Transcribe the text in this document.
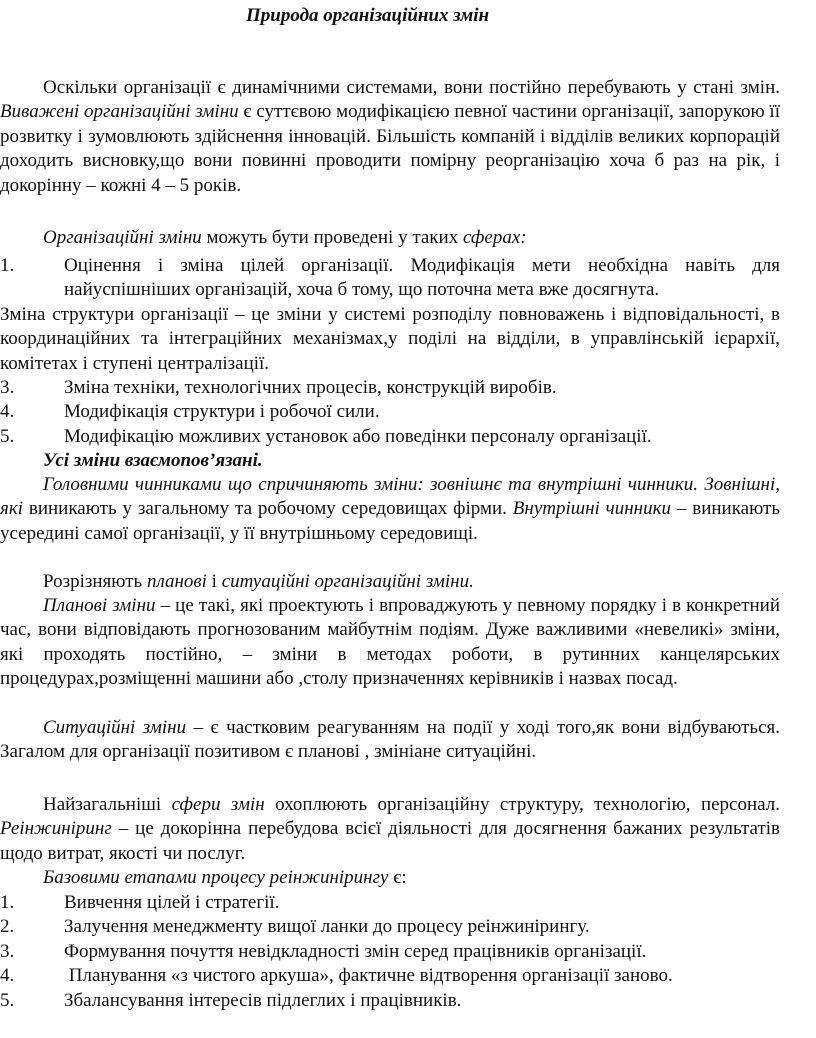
Природа організаційних змін
Оскільки організації є динамічними системами, вони постійно перебувають у стані змін. Виважені організаційні зміни є суттєвою модифікацією певної частини організації, запорукою її розвитку і зумовлюють здійснення інновацій. Більшість компаній і відділів великих корпорацій доходить висновку,що вони повинні проводити помірну реорганізацію хоча б раз на рік, і докорінну – кожні 4 – 5 років.
Організаційні зміни можуть бути проведені у таких сферах:
1.	Оцінення і зміна цілей організації. Модифікація мети необхідна навіть для найуспішніших організацій, хоча б тому, що поточна мета вже досягнута.
Зміна структури організації – це зміни у системі розподілу повноважень і відповідальності, в координаційних та інтеграційних механізмах,у поділі на відділи, в управлінській ієрархії, комітетах і ступені централізації.
3.	Зміна техніки, технологічних процесів, конструкцій виробів.
4.	Модифікація структури і робочої сили.
5.	Модифікацію можливих установок або поведінки персоналу організації.
Усі зміни взаємопов’язані.
Головними чинниками що спричиняють зміни: зовнішнє та внутрішні чинники. Зовнішні, які виникають у загальному та робочому середовищах фірми. Внутрішні чинники – виникають усередині самої організації, у її внутрішньому середовищі.
Розрізняють планові і ситуаційні організаційні зміни.
Планові зміни – це такі, які проектують і впроваджують у певному порядку і в конкретний час, вони відповідають прогнозованим майбутнім подіям. Дуже важливими «невеликі» зміни, які проходять постійно, – зміни в методах роботи, в рутинних канцелярських процедурах,розміщенні машини або ,столу призначеннях керівників і назвах посад.
Ситуаційні зміни – є частковим реагуванням на події у ході того,як вони відбуваються. Загалом для організації позитивом є планові , змініане ситуаційні.
Найзагальніші сфери змін охоплюють організаційну структуру, технологію, персонал. Реінжиніринг – це докорінна перебудова всієї діяльності для досягнення бажаних результатів щодо витрат, якості чи послуг.
Базовими етапами процесу реінжинірингу є:
1.	Вивчення цілей і стратегії.
2.	Залучення менеджменту вищої ланки до процесу реінжинірингу.
3.	Формування почуття невідкладності змін серед працівників організації.
4.	Планування «з чистого аркуша», фактичне відтворення організації заново.
5.	Збалансування інтересів підлеглих і працівників.
